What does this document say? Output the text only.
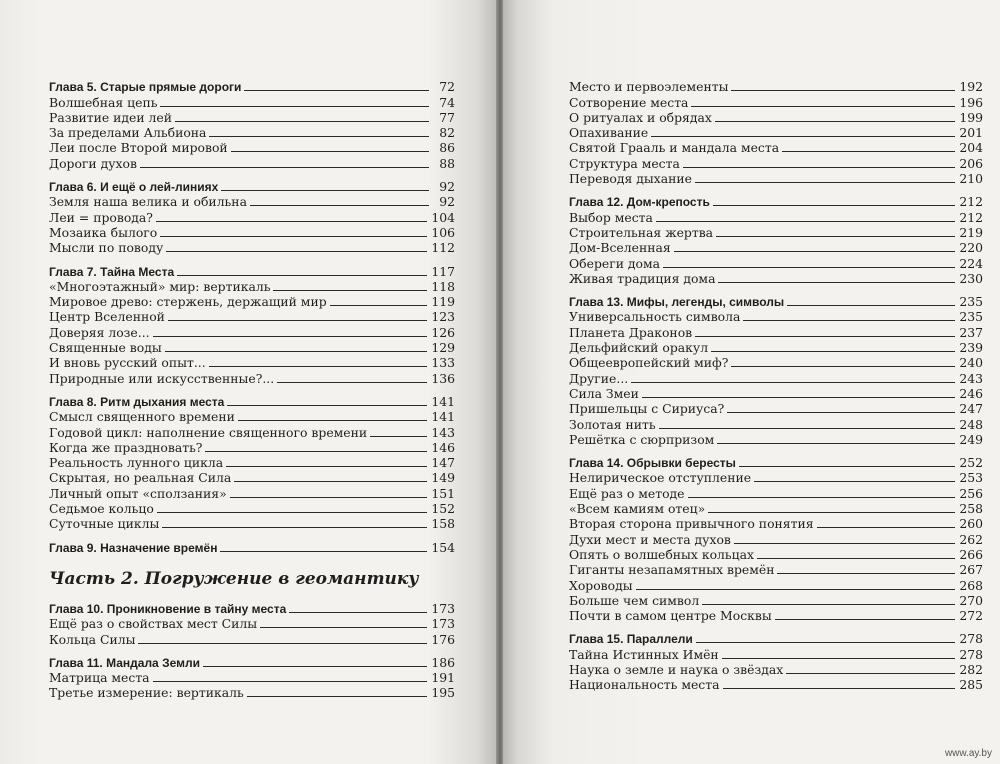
Глава 5. Старые прямые дороги	72
Волшебная цепь	74
Развитие идеи лей	77
За пределами Альбиона	82
Леи после Второй мировой	86
Дороги духов	88
Глава 6. И ещё о лей-линиях	92
Земля наша велика и обильна	92
Леи = провода?	104
Мозаика былого	106
Мысли по поводу	112
Глава 7. Тайна Места	117
«Многоэтажный» мир: вертикаль	118
Мировое древо: стержень, держащий мир	119
Центр Вселенной	123
Доверяя лозе...	126
Священные воды	129
И вновь русский опыт...	133
Природные или искусственные?...	136
Глава 8. Ритм дыхания места	141
Смысл священного времени	141
Годовой цикл: наполнение священного времени	143
Когда же праздновать?	146
Реальность лунного цикла	147
Скрытая, но реальная Сила	149
Личный опыт «сползания»	151
Седьмое кольцо	152
Суточные циклы	158
Глава 9. Назначение времён	154
Часть 2. Погружение в геомантику
Глава 10. Проникновение в тайну места	173
Ещё раз о свойствах мест Силы	173
Кольца Силы	176
Глава 11. Мандала Земли	186
Матрица места	191
Третье измерение: вертикаль	195
Место и первоэлементы	192
Сотворение места	196
О ритуалах и обрядах	199
Опахивание	201
Святой Грааль и мандала места	204
Структура места	206
Переводя дыхание	210
Глава 12. Дом-крепость	212
Выбор места	212
Строительная жертва	219
Дом-Вселенная	220
Обереги дома	224
Живая традиция дома	230
Глава 13. Мифы, легенды, символы	235
Универсальность символа	235
Планета Драконов	237
Дельфийский оракул	239
Общеевропейский миф?	240
Другие...	243
Сила Змеи	246
Пришельцы с Сириуса?	247
Золотая нить	248
Решётка с сюрпризом	249
Глава 14. Обрывки бересты	252
Нелирическое отступление	253
Ещё раз о методе	256
«Всем камиям отец»	258
Вторая сторона привычного понятия	260
Духи мест и места духов	262
Опять о волшебных кольцах	266
Гиганты незапамятных времён	267
Хороводы	268
Больше чем символ	270
Почти в самом центре Москвы	272
Глава 15. Параллели	278
Тайна Истинных Имён	278
Наука о земле и наука о звёздах	282
Национальность места	285
www.ay.by
